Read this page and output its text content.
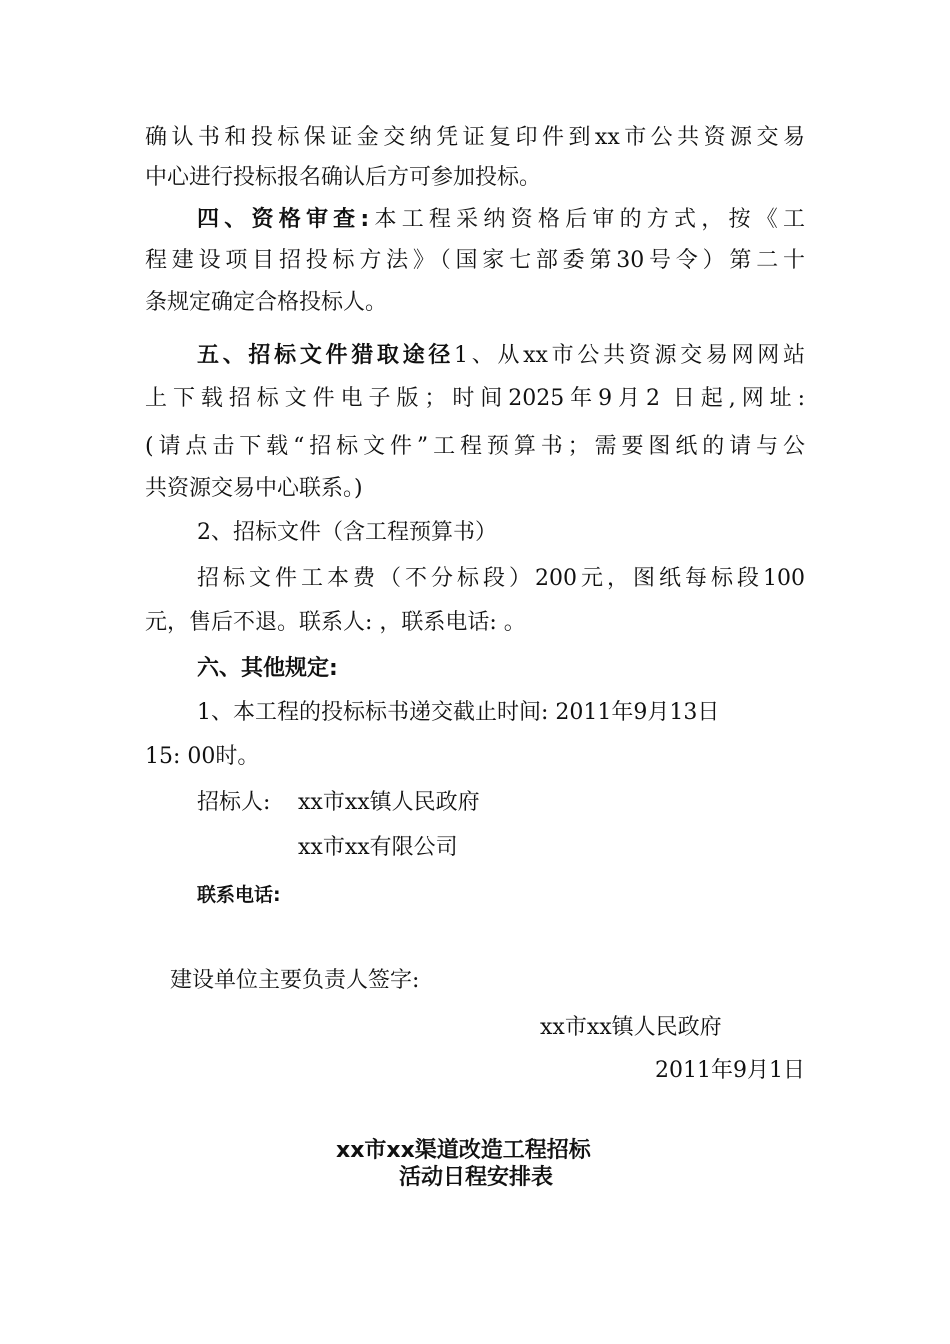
确认书和投标保证金交纳凭证复印件到xx市公共资源交易
中心进行投标报名确认后方可参加投标。
四、资格审查:本工程采纳资格后审的方式，按《工
程建设项目招投标方法》（国家七部委第30号令）第二十
条规定确定合格投标人。
五、招标文件猎取途径1、从xx市公共资源交易网网站
上下载招标文件电子版；时间2025年9月2 日起,网址:
(请点击下载“招标文件”工程预算书；需要图纸的请与公
共资源交易中心联系。)
2、招标文件（含工程预算书）
招标文件工本费（不分标段）200元，图纸每标段100
元，售后不退。联系人: ，联系电话: 。
六、其他规定:
1、本工程的投标标书递交截止时间: 2011年9月13日
15: 00时。
招标人: xx市xx镇人民政府
xx市xx有限公司
联系电话:
建设单位主要负责人签字:
xx市xx镇人民政府
2011年9月1日
xx市xx渠道改造工程招标
活动日程安排表
